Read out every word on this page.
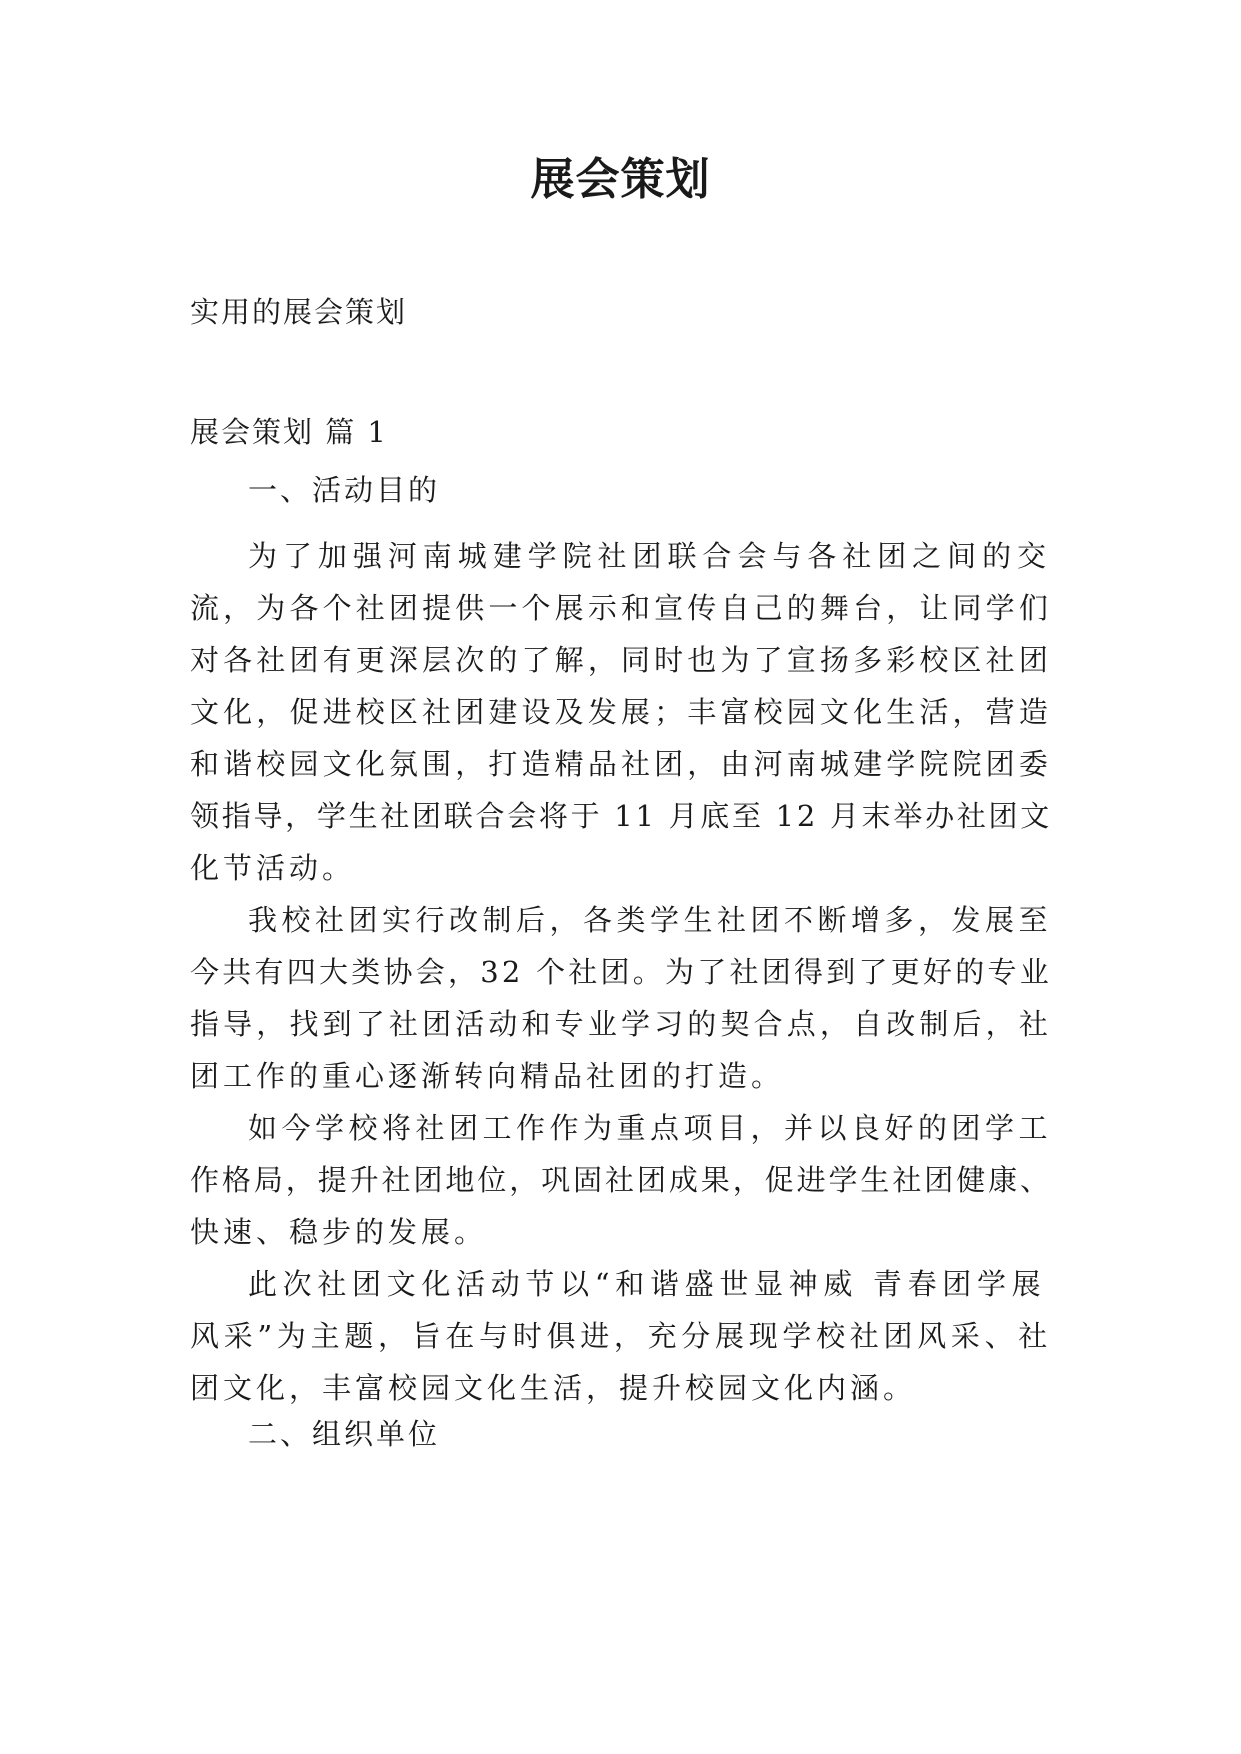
展会策划
实用的展会策划
展会策划 篇 1
一、活动目的
为了加强河南城建学院社团联合会与各社团之间的交
流，为各个社团提供一个展示和宣传自己的舞台，让同学们
对各社团有更深层次的了解，同时也为了宣扬多彩校区社团
文化，促进校区社团建设及发展；丰富校园文化生活，营造
和谐校园文化氛围，打造精品社团，由河南城建学院院团委
领指导，学生社团联合会将于 11 月底至 12 月末举办社团文
化节活动。
我校社团实行改制后，各类学生社团不断增多，发展至
今共有四大类协会，32 个社团。为了社团得到了更好的专业
指导，找到了社团活动和专业学习的契合点，自改制后，社
团工作的重心逐渐转向精品社团的打造。
如今学校将社团工作作为重点项目，并以良好的团学工
作格局，提升社团地位，巩固社团成果，促进学生社团健康、
快速、稳步的发展。
此次社团文化活动节以“和谐盛世显神威 青春团学展
风采”为主题，旨在与时俱进，充分展现学校社团风采、社
团文化，丰富校园文化生活，提升校园文化内涵。
二、组织单位
